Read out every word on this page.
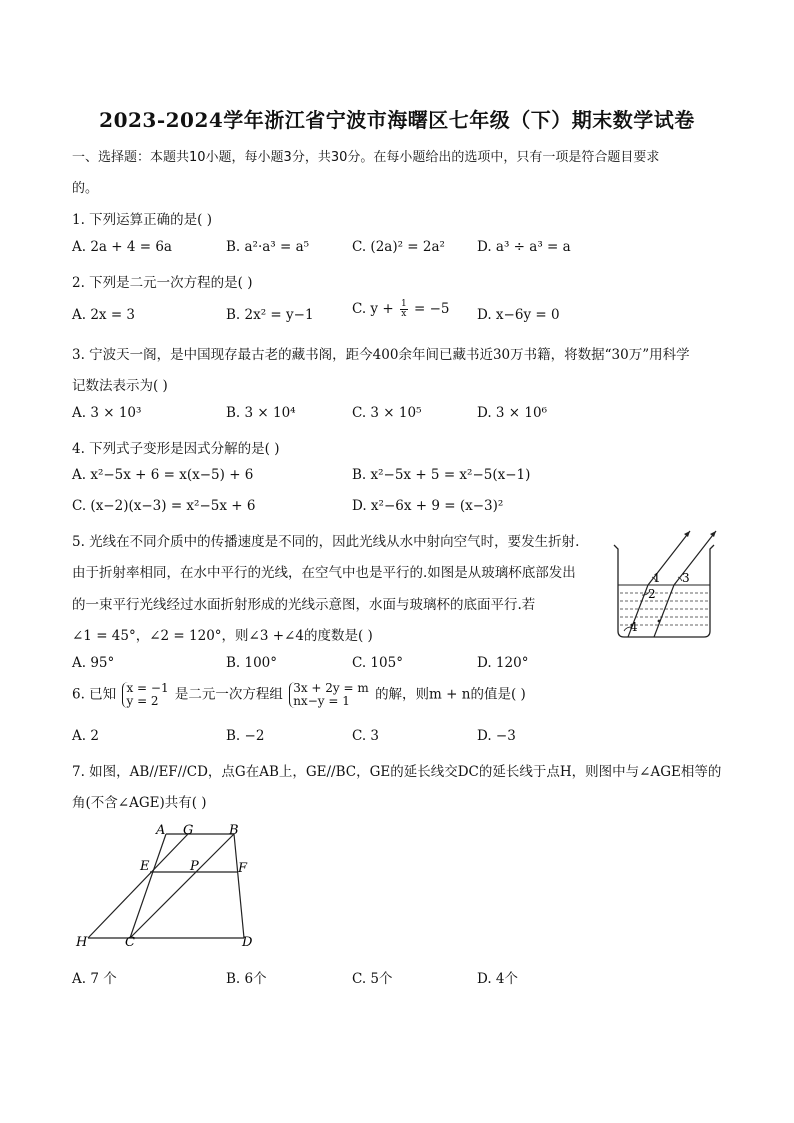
2023-2024学年浙江省宁波市海曙区七年级（下）期末数学试卷
一、选择题：本题共10小题，每小题3分，共30分。在每小题给出的选项中，只有一项是符合题目要求
的。
1. 下列运算正确的是( )
A. 2a + 4 = 6a	B. a²·a³ = a⁵	C. (2a)² = 2a² D. a³ ÷ a³ = a
2. 下列是二元一次方程的是( )
A. 2x = 3	B. 2x² = y−1	C. $y + \frac{1}{x} = -5$ D. x−6y = 0
3. 宁波天一阁，是中国现存最古老的藏书阁，距今400余年间已藏书近30万书籍，将数据“30万”用科学
记数法表示为( )
A. 3 × 10³	B. 3 × 10⁴	C. 3 × 10⁵	D. 3 × 10⁶
4. 下列式子变形是因式分解的是( )
A. x²−5x + 6 = x(x−5) + 6	B. x²−5x + 5 = x²−5(x−1)
C. (x−2)(x−3) = x²−5x + 6	D. x²−6x + 9 = (x−3)²
5. 光线在不同介质中的传播速度是不同的，因此光线从水中射向空气时，要发生折射.
由于折射率相同，在水中平行的光线，在空气中也是平行的.如图是从玻璃杯底部发出
的一束平行光线经过水面折射形成的光线示意图，水面与玻璃杯的底面平行.若
∠1 = 45°，∠2 = 120°，则∠3 +∠4的度数是( )
1
2
3
4
A. 95°	B. 100°	C. 105°	D. 120°
6. 已知 x = −1
y = 2	是二元一次方程组 3x + 2y = m
nx−y = 1	的解，则m + n的值是( )
A. 2	B. −2	C. 3	D. −3
7. 如图，AB//EF//CD，点G在AB上，GE//BC，GE的延长线交DC的延长线于点H，则图中与∠AGE相等的
角(不含∠AGE)共有( )
A G	B
E	P	F
H	C	D
A. 7 个	B. 6个	C. 5个	D. 4个
